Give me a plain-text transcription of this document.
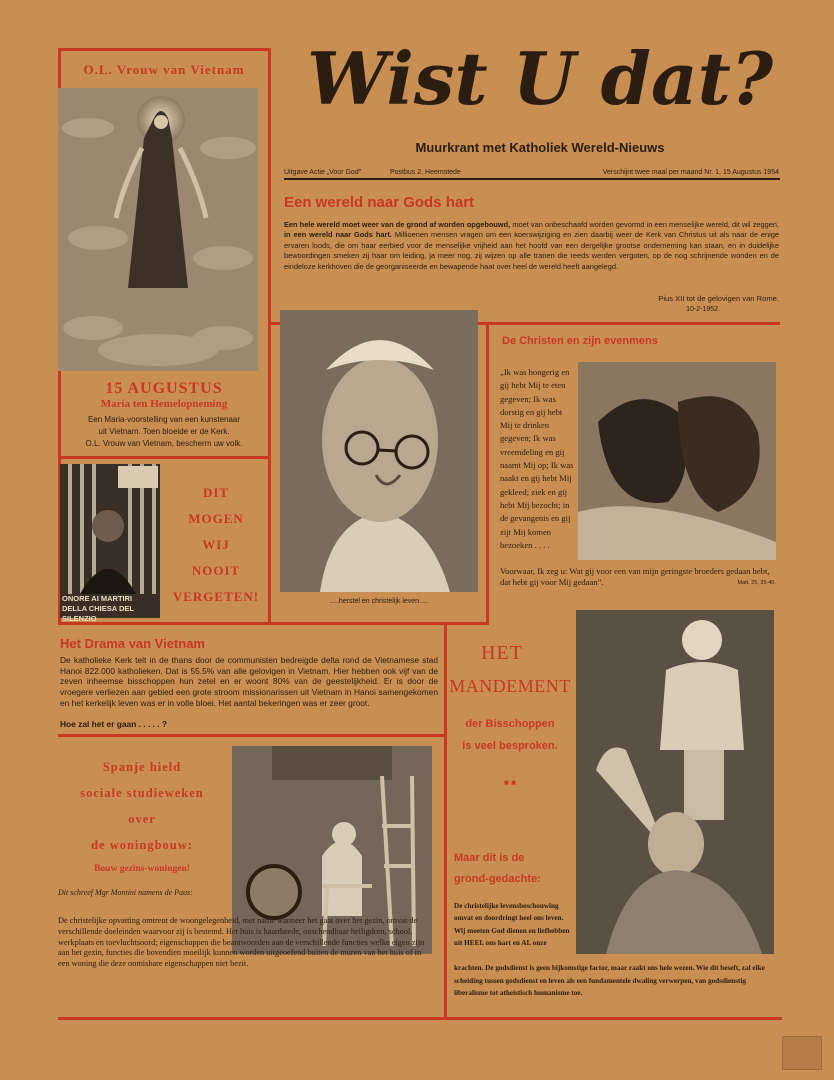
Wist U dat?
Muurkrant met Katholiek Wereld-Nieuws
Uitgave Actie „Voor God”	Postbus 2, Heemstede	Verschijnt twee maal per maand Nr. 1, 15 Augustus 1954
O.L. Vrouw van Vietnam
15 AUGUSTUS
Maria ten Hemelopneming

Een Maria-voorstelling van een kunstenaar

uit Vietnam. Toen bloeide er de Kerk.

O.L. Vrouw van Vietnam, bescherm uw volk.

ONORE AI MARTIRI

DELLA CHIESA DEL SILENZIO

DIT

MOGEN

WIJ

NOOIT

VERGETEN!

Een wereld naar Gods hart
Een hele wereld moet weer van de grond af worden opgebouwd, moet van onbeschaafd worden gevormd in een menselijke wereld, dit wil zeggen, in een wereld naar Gods hart. Millioenen mensen vragen om een koerswijziging en zien daarbij weer de Kerk van Christus uit als naar de enige ervaren loods, die om haar eerbied voor de menselijke vrijheid aan het hoofd van een dergelijke grootse onderneming kan staan, en in duidelijke bewoordingen smeken zij haar om leiding, ja meer nog, zij wijzen op alle tranen die reeds werden vergoten, op de nog schrijnende wonden en de eindeloze kerkhoven die de georganiseerde en bewapende haat over heel de wereld heeft aangelegd.
Pius XII tot de gelovigen van Rome.
10-2-1952.
.....herstel en christelijk leven.....
De Christen en zijn evenmens
„Ik was hongerig en gij hebt Mij te eten gegeven; Ik was dorstig en gij hebt Mij te drinken gegeven; Ik was vreemdeling en gij naamt Mij op; Ik was naakt en gij hebt Mij gekleed; ziek en gij hebt Mij bezocht; in de gevangenis en gij zijt Mij komen bezoeken . . . .
Voorwaar, Ik zeg u: Wat gij voor een van mijn geringste broeders gedaan hebt, dat hebt gij voor Mij gedaan”.	Matt. 25, 35-40.
Het Drama van Vietnam
De katholieke Kerk telt in de thans door de communisten bedreigde delta rond de Vietnamese stad Hanoi 822.000 katholieken. Dat is 55.5% van alle gelovigen in Vietnam. Hier hebben ook vijf van de zeven inheemse bisschoppen hun zetel en er woont 80% van de geestelijkheid. Er is door de vroegere verliezen aan gebied een grote stroom missionarissen uit Vietnam in Hanoi samengekomen en het kerkelijk leven was er in volle bloei. Het aantal bekeringen was er zeer groot.
Hoe zal het er gaan . . . . . ?

Spanje hield

sociale studieweken

over

de woningbouw:

Bouw gezins-woningen!
Dit schreef Mgr Montini namens de Paus:
De christelijke opvatting omtrent de woongelegenheid, met name wanneer het gaat over het gezin, omvat de verschillende doeleinden waarvoor zij is bestemd. Het huis is haardstede, onschendbaar heiligdom, school, werkplaats en toevluchtsoord; eigenschappen die beantwoorden aan de verschillende functies welke eigen zijn aan het gezin, functies die bovendien moeilijk kunnen worden uitgeoefend buiten de muren van het huis of in een woning die deze onmisbare eigenschappen niet bezit.
HET
MANDEMENT
der Bisschoppen
is veel besproken.
■ ■
Maar dit is de
grond-gedachte:
De christelijke levensbeschouwing omvat en doordringt heel ons leven. Wij moeten God dienen en liefhebben uit HEEL ons hart en AL onze
krachten. De godsdienst is geen bijkomstige factor, maar raakt ons hele wezen. Wie dit beseft, zal elke scheiding tussen godsdienst en leven als een fundamentele dwaling verwerpen, van godsdienstig liberalisme tot atheistisch humanisme toe.
